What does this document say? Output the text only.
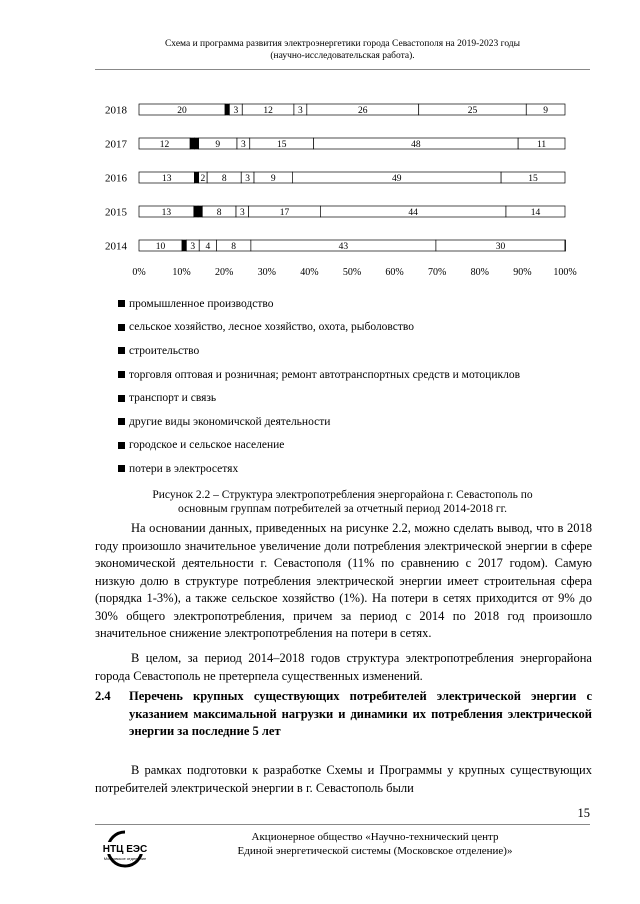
Схема и программа развития электроэнергетики города Севастополя на 2019-2023 годы
(научно-исследовательская работа).
2018	20	1 3	12	3	26	25	9
2017	12 1 1 9 3	15	48	11
2016	13 1 2 8 3 9	49	15
2015	13 1 1 8 3	17	44	14
2014	10 1 3 4 8	43	30
0%	10% 20% 30% 40% 50% 60% 70% 80% 90% 100%
промышленное производство
сельское хозяйство, лесное хозяйство, охота, рыболовство
строительство
торговля оптовая и розничная; ремонт автотранспортных средств и мотоциклов
транспорт и связь
другие виды экономичской деятельности
городское и сельское население
потери в электросетях
Рисунок 2.2 – Структура электропотребления энергорайона г. Севастополь по
основным группам потребителей за отчетный период 2014-2018 гг.
На основании данных, приведенных на рисунке 2.2, можно сделать вывод, что в 2018 году произошло значительное увеличение доли потребления электрической энергии в сфере экономической деятельности г. Севастополя (11% по сравнению с 2017 годом). Самую низкую долю в структуре потребления электрической энергии имеет строительная сфера (порядка 1-3%), а также сельское хозяйство (1%). На потери в сетях приходится от 9% до 30% общего электропотребления, причем за период с 2014 по 2018 год произошло значительное снижение электропотребления на потери в сетях.
В целом, за период 2014–2018 годов структура электропотребления энергорайона города Севастополь не претерпела существенных изменений.
2.4	Перечень крупных существующих потребителей электрической энергии с указанием максимальной нагрузки и динамики их потребления электрической энергии за последние 5 лет
В рамках подготовки к разработке Схемы и Программы у крупных существующих потребителей электрической энергии в г. Севастополь были
15
НТЦ ЕЭС
Московское отделение
Акционерное общество «Научно-технический центр
Единой энергетической системы (Московское отделение)»
